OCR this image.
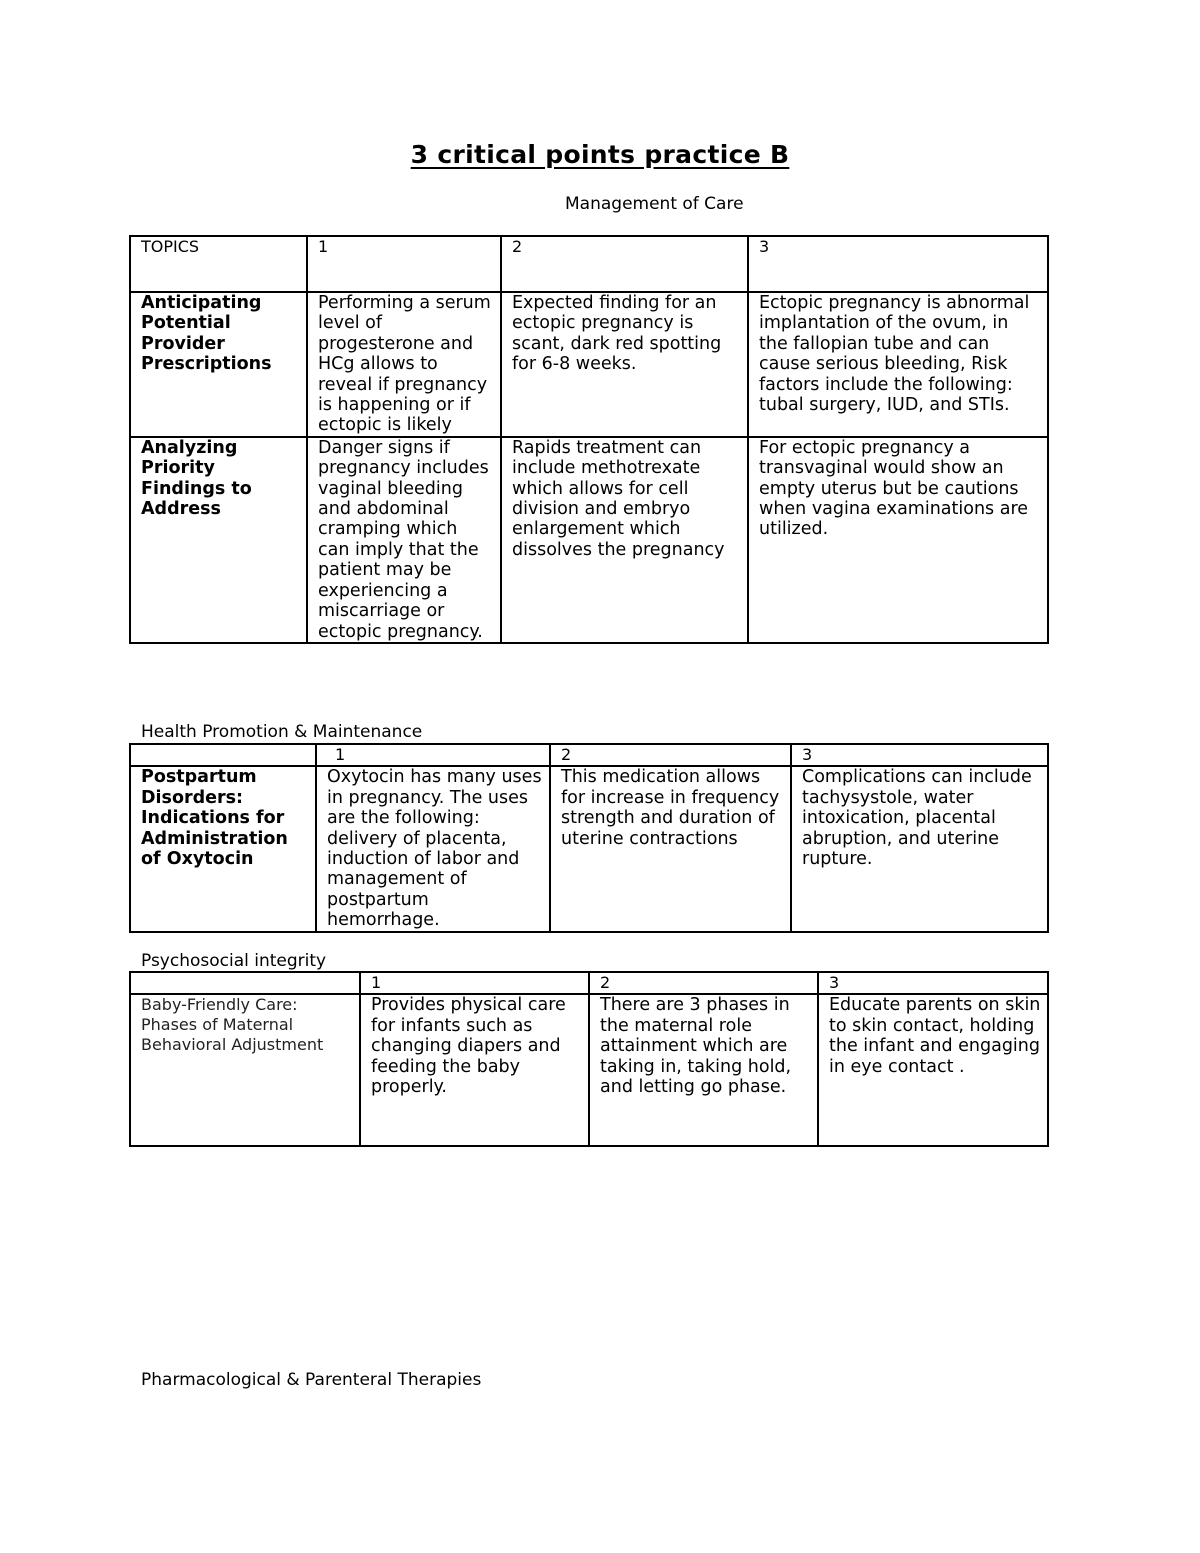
3 critical points practice B
Management of Care
TOPICS	1	2	3
Anticipating Potential Provider Prescriptions	Performing a serum level of progesterone and HCg allows to reveal if pregnancy is happening or if ectopic is likely	Expected finding for an ectopic pregnancy is scant, dark red spotting for 6-8 weeks.	Ectopic pregnancy is abnormal implantation of the ovum, in the fallopian tube and can cause serious bleeding, Risk factors include the following: tubal surgery, IUD, and STIs.
Analyzing Priority Findings to Address	Danger signs if pregnancy includes vaginal bleeding and abdominal cramping which can imply that the patient may be experiencing a miscarriage or ectopic pregnancy.	Rapids treatment can include methotrexate which allows for cell division and embryo enlargement which dissolves the pregnancy	For ectopic pregnancy a transvaginal would show an empty uterus but be cautions when vagina examinations are utilized.
Health Promotion & Maintenance
	1	2	3
Postpartum Disorders: Indications for Administration of Oxytocin	Oxytocin has many uses in pregnancy. The uses are the following: delivery of placenta, induction of labor and management of postpartum hemorrhage.	This medication allows for increase in frequency strength and duration of uterine contractions	Complications can include tachysystole, water intoxication, placental abruption, and uterine rupture.
Psychosocial integrity
	1	2	3
Baby-Friendly Care: Phases of Maternal Behavioral Adjustment	Provides physical care for infants such as changing diapers and feeding the baby properly.	There are 3 phases in the maternal role attainment which are taking in, taking hold, and letting go phase.	Educate parents on skin to skin contact, holding the infant and engaging in eye contact .
Pharmacological & Parenteral Therapies
